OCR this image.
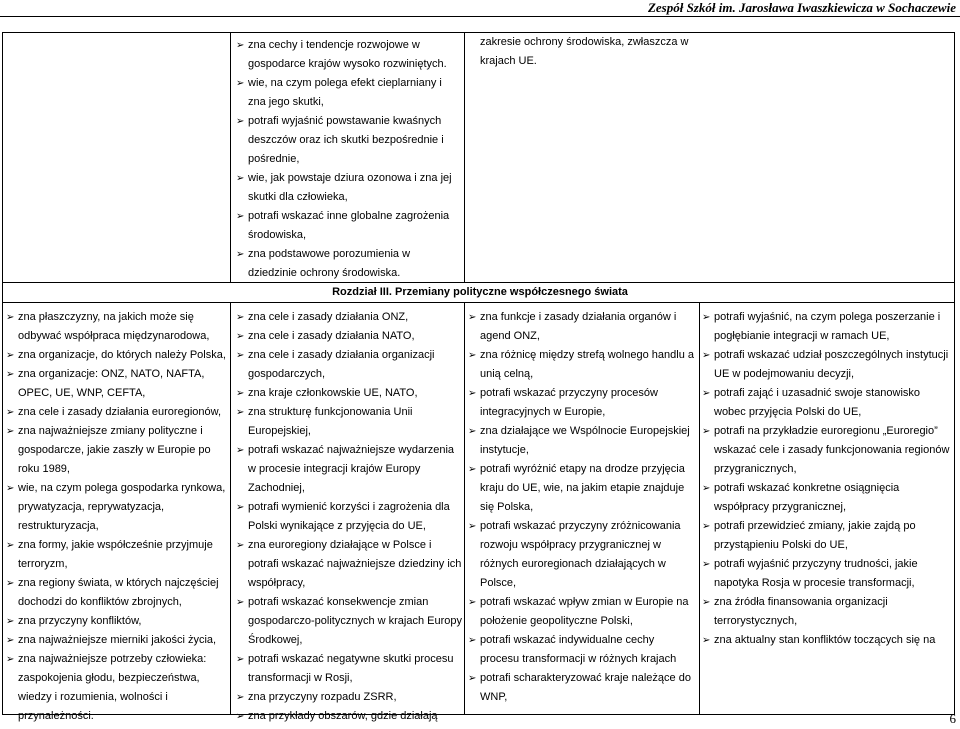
Zespół Szkół im. Jarosława Iwaszkiewicza w Sochaczewie
➢ zna cechy i tendencje rozwojowe w gospodarce krajów wysoko rozwiniętych.
➢ wie, na czym polega efekt cieplarniany i zna jego skutki,
➢ potrafi wyjaśnić powstawanie kwaśnych deszczów oraz ich skutki bezpośrednie i pośrednie,
➢ wie, jak powstaje dziura ozonowa i zna jej skutki dla człowieka,
➢ potrafi wskazać inne globalne zagrożenia środowiska,
➢ zna podstawowe porozumienia w dziedzinie ochrony środowiska.
zakresie ochrony środowiska, zwłaszcza w krajach UE.
Rozdział III. Przemiany polityczne współczesnego świata
➢ zna płaszczyzny, na jakich może się odbywać współpraca międzynarodowa,
➢ zna organizacje, do których należy Polska,
➢ zna organizacje: ONZ, NATO, NAFTA, OPEC, UE, WNP, CEFTA,
➢ zna cele i zasady działania euroregionów,
➢ zna najważniejsze zmiany polityczne i gospodarcze, jakie zaszły w Europie po roku 1989,
➢ wie, na czym polega gospodarka rynkowa, prywatyzacja, reprywatyzacja, restrukturyzacja,
➢ zna formy, jakie współcześnie przyjmuje terroryzm,
➢ zna regiony świata, w których najczęściej dochodzi do konfliktów zbrojnych,
➢ zna przyczyny konfliktów,
➢ zna najważniejsze mierniki jakości życia,
➢ zna najważniejsze potrzeby człowieka: zaspokojenia głodu, bezpieczeństwa, wiedzy i rozumienia, wolności i przynależności.
➢ zna cele i zasady działania ONZ,
➢ zna cele i zasady działania NATO,
➢ zna cele i zasady działania organizacji gospodarczych,
➢ zna kraje członkowskie UE, NATO,
➢ zna strukturę funkcjonowania Unii Europejskiej,
➢ potrafi wskazać najważniejsze wydarzenia w procesie integracji krajów Europy Zachodniej,
➢ potrafi wymienić korzyści i zagrożenia dla Polski wynikające z przyjęcia do UE,
➢ zna euroregiony działające w Polsce i potrafi wskazać najważniejsze dziedziny ich współpracy,
➢ potrafi wskazać konsekwencje zmian gospodarczo-politycznych w krajach Europy Środkowej,
➢ potrafi wskazać negatywne skutki procesu transformacji w Rosji,
➢ zna przyczyny rozpadu ZSRR,
➢ zna przykłady obszarów, gdzie działają
➢ zna funkcje i zasady działania organów i agend ONZ,
➢ zna różnicę między strefą wolnego handlu a unią celną,
➢ potrafi wskazać przyczyny procesów integracyjnych w Europie,
➢ zna działające we Wspólnocie Europejskiej instytucje,
➢ potrafi wyróżnić etapy na drodze przyjęcia kraju do UE, wie, na jakim etapie znajduje się Polska,
➢ potrafi wskazać przyczyny zróżnicowania rozwoju współpracy przygranicznej w różnych euroregionach działających w Polsce,
➢ potrafi wskazać wpływ zmian w Europie na położenie geopolityczne Polski,
➢ potrafi wskazać indywidualne cechy procesu transformacji w różnych krajach
➢ potrafi scharakteryzować kraje należące do WNP,
➢ potrafi wyjaśnić, na czym polega poszerzanie i pogłębianie integracji w ramach UE,
➢ potrafi wskazać udział poszczególnych instytucji UE w podejmowaniu decyzji,
➢ potrafi zająć i uzasadnić swoje stanowisko wobec przyjęcia Polski do UE,
➢ potrafi na przykładzie euroregionu „Euroregio” wskazać cele i zasady funkcjonowania regionów przygranicznych,
➢ potrafi wskazać konkretne osiągnięcia współpracy przygranicznej,
➢ potrafi przewidzieć zmiany, jakie zajdą po przystąpieniu Polski do UE,
➢ potrafi wyjaśnić przyczyny trudności, jakie napotyka Rosja w procesie transformacji,
➢ zna źródła finansowania organizacji terrorystycznych,
➢ zna aktualny stan konfliktów toczących się na
6
